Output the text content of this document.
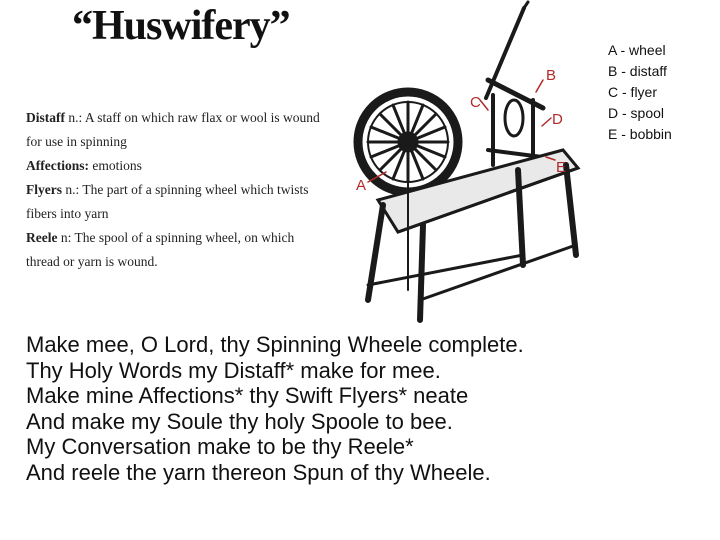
“Huswifery”

Distaff n.: A staff on which raw flax or wool is wound for use in spinning

Affections: emotions

Flyers n.: The part of a spinning wheel which twists fibers into yarn

Reele n: The spool of a spinning wheel, on which thread or yarn is wound.

A
B
C
D
E
A - wheel
B - distaff
C - flyer
D - spool
E - bobbin
Make mee, O Lord, thy Spinning Wheele complete.
Thy Holy Words my Distaff* make for mee.
Make mine Affections* thy Swift Flyers* neate
And make my Soule thy holy Spoole to bee.
My Conversation make to be thy Reele*
And reele the yarn thereon Spun of thy Wheele.
